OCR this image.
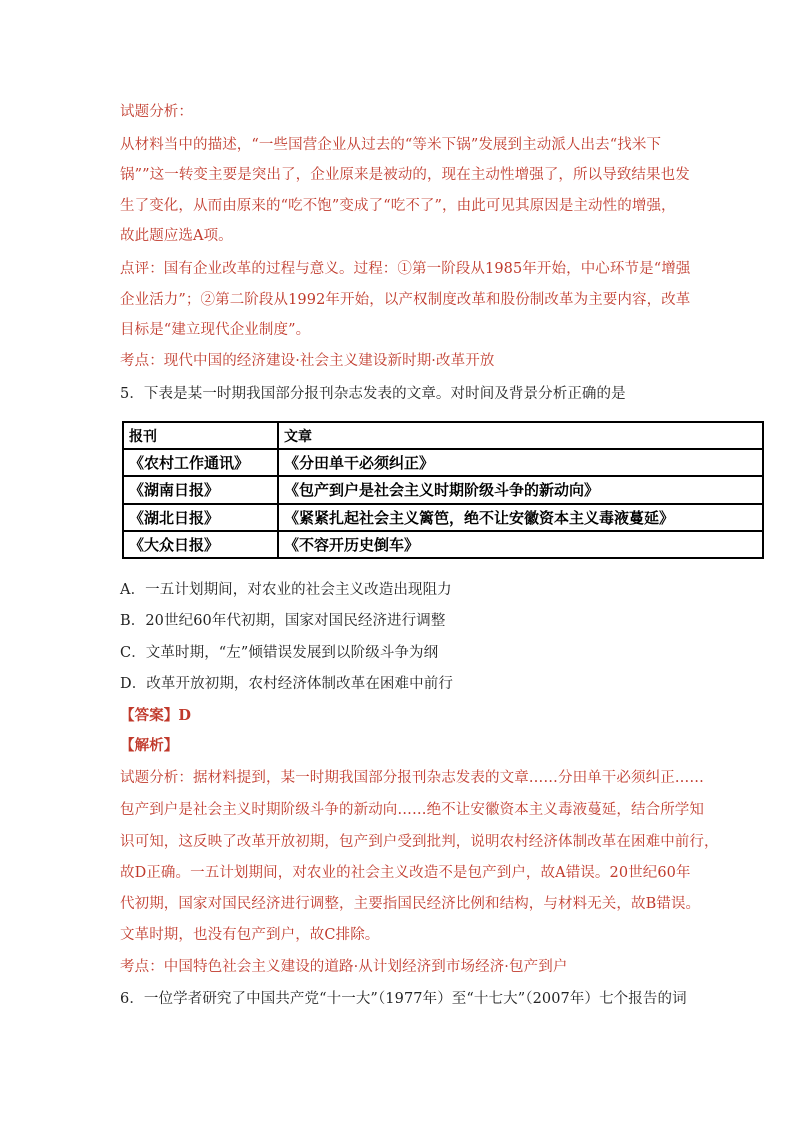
试题分析：
从材料当中的描述，“一些国营企业从过去的“等米下锅”发展到主动派人出去“找米下
锅””这一转变主要是突出了，企业原来是被动的，现在主动性增强了，所以导致结果也发
生了变化，从而由原来的“吃不饱”变成了“吃不了”，由此可见其原因是主动性的增强，
故此题应选A项。
点评：国有企业改革的过程与意义。过程：①第一阶段从1985年开始，中心环节是“增强
企业活力”；②第二阶段从1992年开始，以产权制度改革和股份制改革为主要内容，改革
目标是“建立现代企业制度”。
考点：现代中国的经济建设·社会主义建设新时期·改革开放
5．下表是某一时期我国部分报刊杂志发表的文章。对时间及背景分析正确的是
报刊	文章
《农村工作通讯》	《分田单干必须纠正》
《湖南日报》	《包产到户是社会主义时期阶级斗争的新动向》
《湖北日报》	《紧紧扎起社会主义篱笆，绝不让安徽资本主义毒液蔓延》
《大众日报》	《不容开历史倒车》
A．一五计划期间，对农业的社会主义改造出现阻力
B．20世纪60年代初期，国家对国民经济进行调整
C．文革时期，“左”倾错误发展到以阶级斗争为纲
D．改革开放初期，农村经济体制改革在困难中前行
【答案】D
【解析】
试题分析：据材料提到，某一时期我国部分报刊杂志发表的文章……分田单干必须纠正……
包产到户是社会主义时期阶级斗争的新动向……绝不让安徽资本主义毒液蔓延，结合所学知
识可知，这反映了改革开放初期，包产到户受到批判，说明农村经济体制改革在困难中前行，
故D正确。一五计划期间，对农业的社会主义改造不是包产到户，故A错误。20世纪60年
代初期，国家对国民经济进行调整，主要指国民经济比例和结构，与材料无关，故B错误。
文革时期，也没有包产到户，故C排除。
考点：中国特色社会主义建设的道路·从计划经济到市场经济·包产到户
6．一位学者研究了中国共产党“十一大”（1977年）至“十七大”（2007年）七个报告的词
